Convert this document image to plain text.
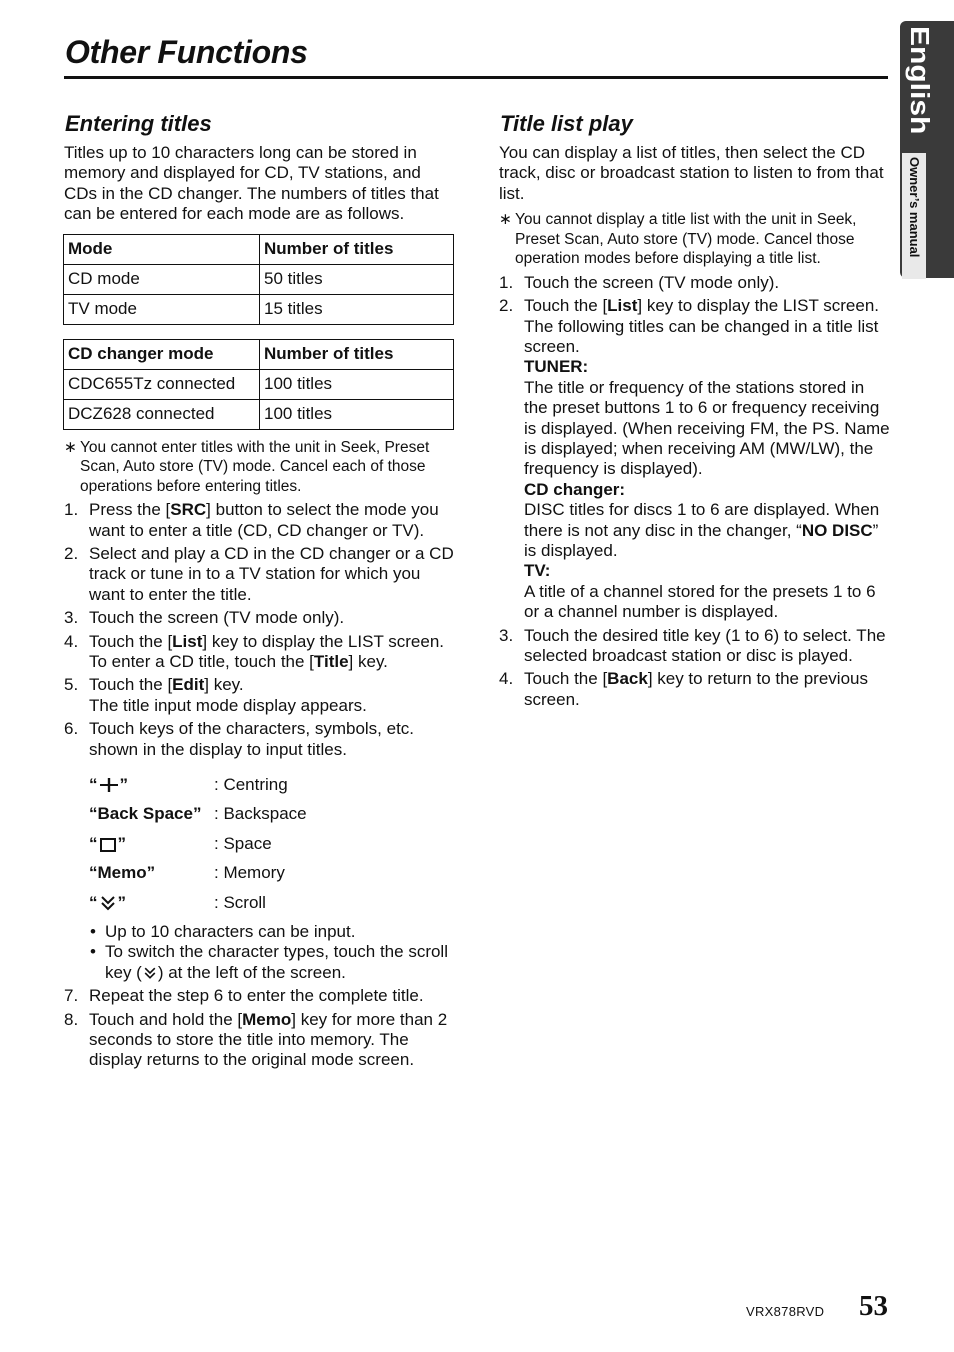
Other Functions	English
Owner’s manual
Entering titles

Titles up to 10 characters long can be stored in memory and displayed for CD, TV stations, and CDs in the CD changer. The numbers of titles that can be entered for each mode are as follows.

Mode	Number of titles
CD mode	50 titles
TV mode	15 titles
CD changer mode	Number of titles
CDC655Tz connected	100 titles
DCZ628 connected	100 titles
∗ You cannot enter titles with the unit in Seek, Preset Scan, Auto store (TV) mode. Cancel each of those operations before entering titles.
1. Press the [SRC] button to select the mode you want to enter a title (CD, CD changer or TV).
2. Select and play a CD in the CD changer or a CD track or tune in to a TV station for which you want to enter the title.
3. Touch the screen (TV mode only).
4. Touch the [List] key to display the LIST screen.
To enter a CD title, touch the [Title] key.
5. Touch the [Edit] key.
The title input mode display appears.
6. Touch keys of the characters, symbols, etc. shown in the display to input titles.
“ ”	: Centring
“Back Space” : Backspace
“ ”	: Space
“Memo”	: Memory
“ ”	: Scroll
• Up to 10 characters can be input.
• To switch the character types, touch the scroll key ( ) at the left of the screen.
7. Repeat the step 6 to enter the complete title.
8. Touch and hold the [Memo] key for more than 2 seconds to store the title into memory. The display returns to the original mode screen.
Title list play

You can display a list of titles, then select the CD track, disc or broadcast station to listen to from that list.

∗ You cannot display a title list with the unit in Seek, Preset Scan, Auto store (TV) mode. Cancel those operation modes before displaying a title list.
1. Touch the screen (TV mode only).
2. Touch the [List] key to display the LIST screen.
The following titles can be changed in a title list screen.
TUNER:
The title or frequency of the stations stored in the preset buttons 1 to 6 or frequency receiving is displayed. (When receiving FM, the PS. Name is displayed; when receiving AM (MW/LW), the frequency is displayed).
CD changer:
DISC titles for discs 1 to 6 are displayed. When there is not any disc in the changer, “NO DISC” is displayed.
TV:
A title of a channel stored for the presets 1 to 6 or a channel number is displayed.
3. Touch the desired title key (1 to 6) to select. The selected broadcast station or disc is played.
4. Touch the [Back] key to return to the previous screen.
VRX878RVD 53
